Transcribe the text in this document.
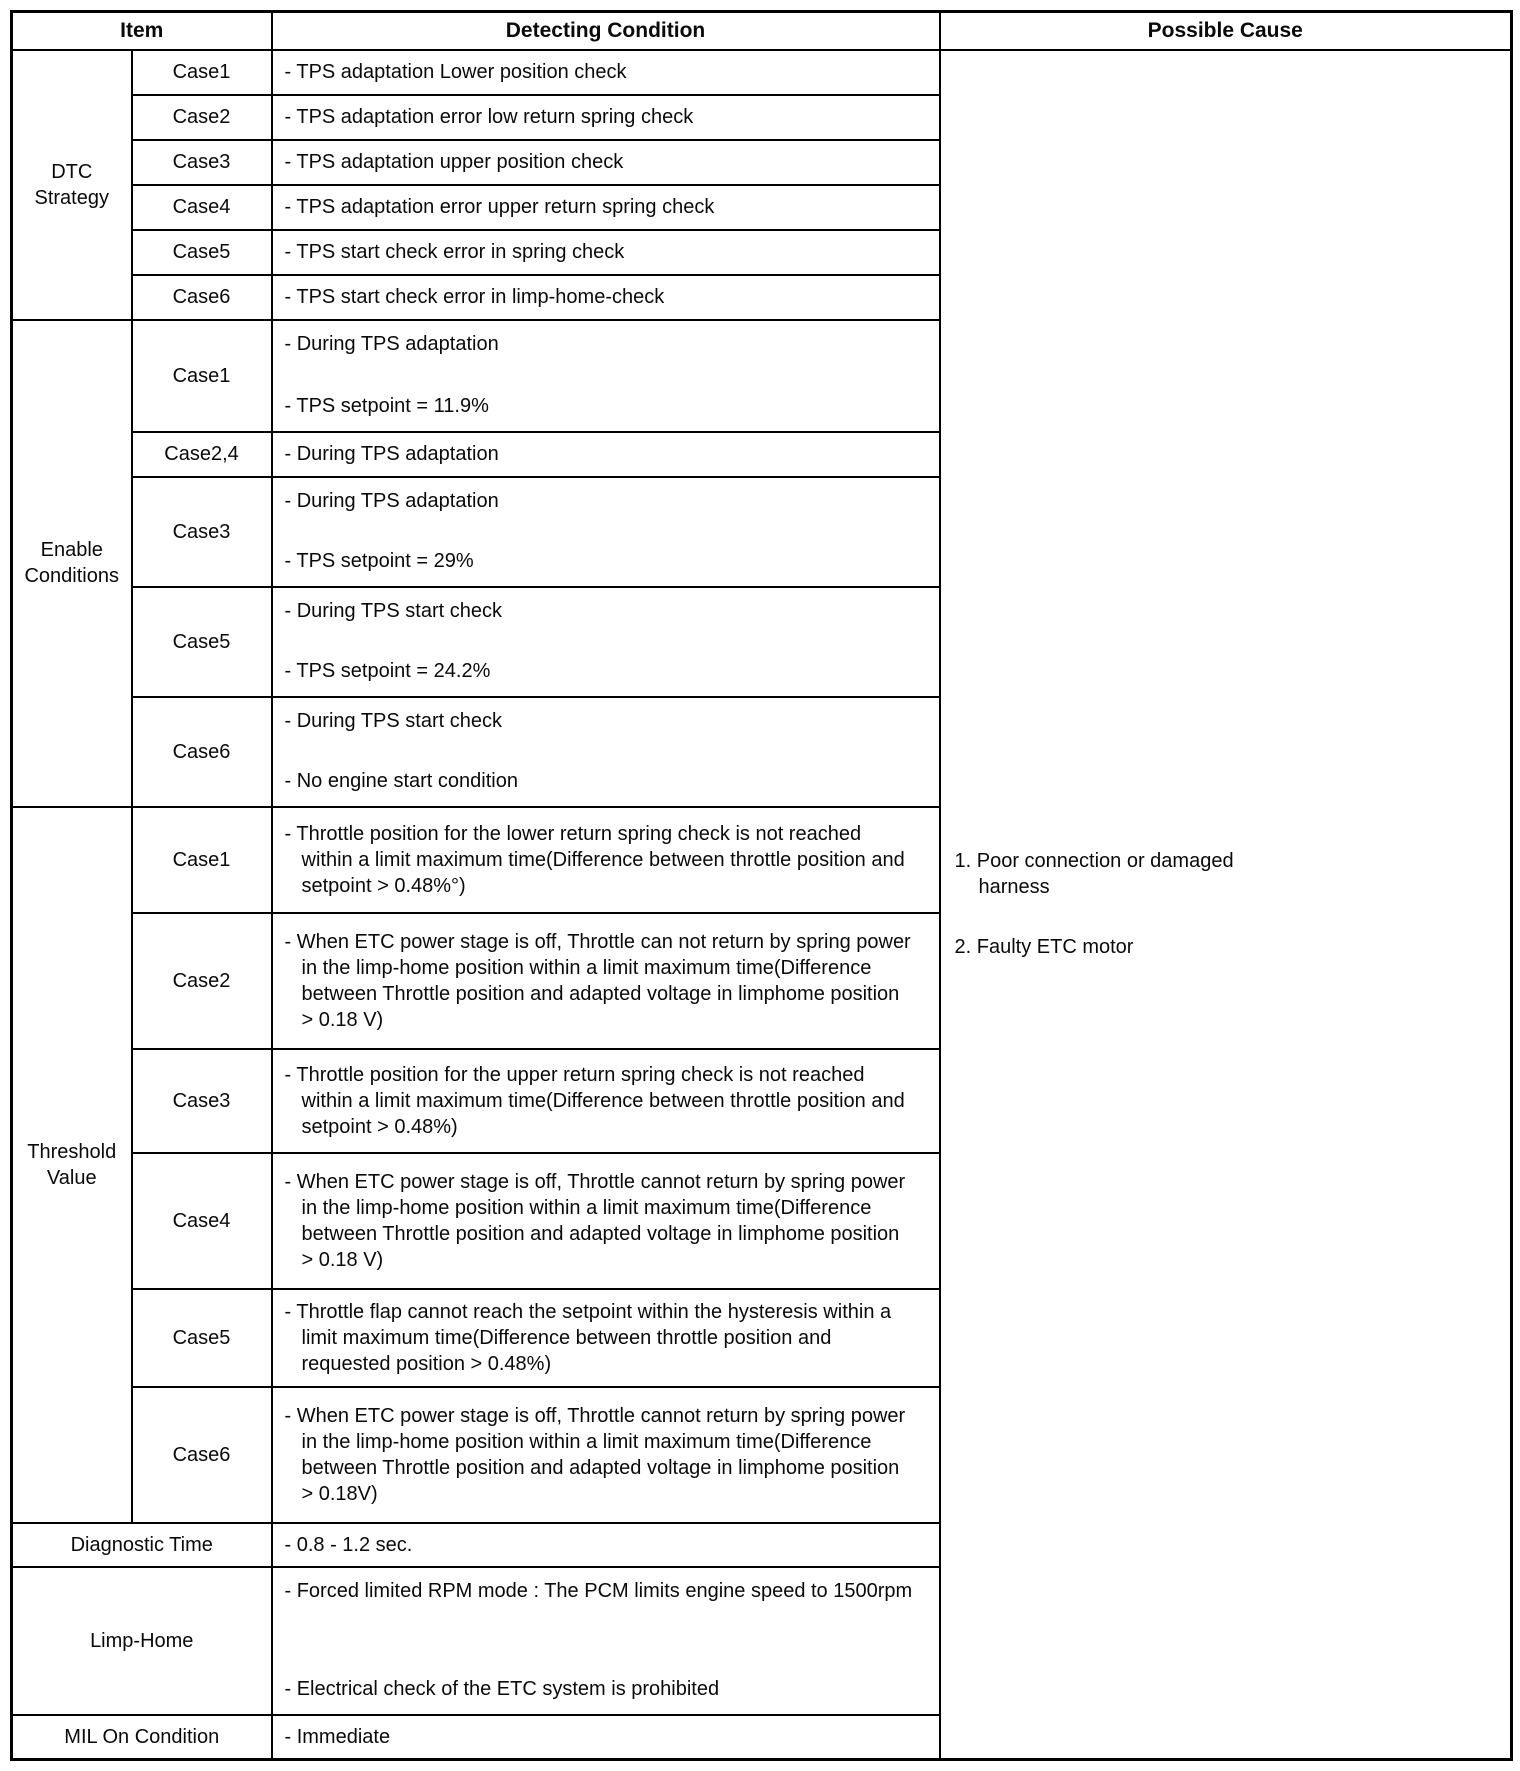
Item		Detecting Condition	Possible Cause
DTC Strategy	Case1	- TPS adaptation Lower position check	1. Poor connection or damaged harness
2. Faulty ETC motor

	Case2	- TPS adaptation error low return spring check	

	Case3	- TPS adaptation upper position check	

	Case4	- TPS adaptation error upper return spring check	

	Case5	- TPS start check error in spring check	

	Case6	- TPS start check error in limp-home-check	

Enable Conditions	Case1	- During TPS adaptation
- TPS setpoint = 11.9%	

	Case2,4	- During TPS adaptation	

	Case3	- During TPS adaptation
- TPS setpoint = 29%	

	Case5	- During TPS start check
- TPS setpoint = 24.2%	

	Case6	- During TPS start check
- No engine start condition	

Threshold Value	Case1	- Throttle position for the lower return spring check is not reached within a limit maximum time(Difference between throttle position and setpoint > 0.48%°)	

	Case2	- When ETC power stage is off, Throttle can not return by spring power in the limp-home position within a limit maximum time(Difference between Throttle position and adapted voltage in limphome position > 0.18 V)	

	Case3	- Throttle position for the upper return spring check is not reached within a limit maximum time(Difference between throttle position and setpoint > 0.48%)	

	Case4	- When ETC power stage is off, Throttle cannot return by spring power in the limp-home position within a limit maximum time(Difference between Throttle position and adapted voltage in limphome position > 0.18 V)	

	Case5	- Throttle flap cannot reach the setpoint within the hysteresis within a limit maximum time(Difference between throttle position and requested position > 0.48%)	

	Case6	- When ETC power stage is off, Throttle cannot return by spring power in the limp-home position within a limit maximum time(Difference between Throttle position and adapted voltage in limphome position > 0.18V)	

Diagnostic Time		- 0.8 - 1.2 sec.	

Limp-Home		- Forced limited RPM mode : The PCM limits engine speed to 1500rpm
- Electrical check of the ETC system is prohibited	

MIL On Condition		- Immediate	
